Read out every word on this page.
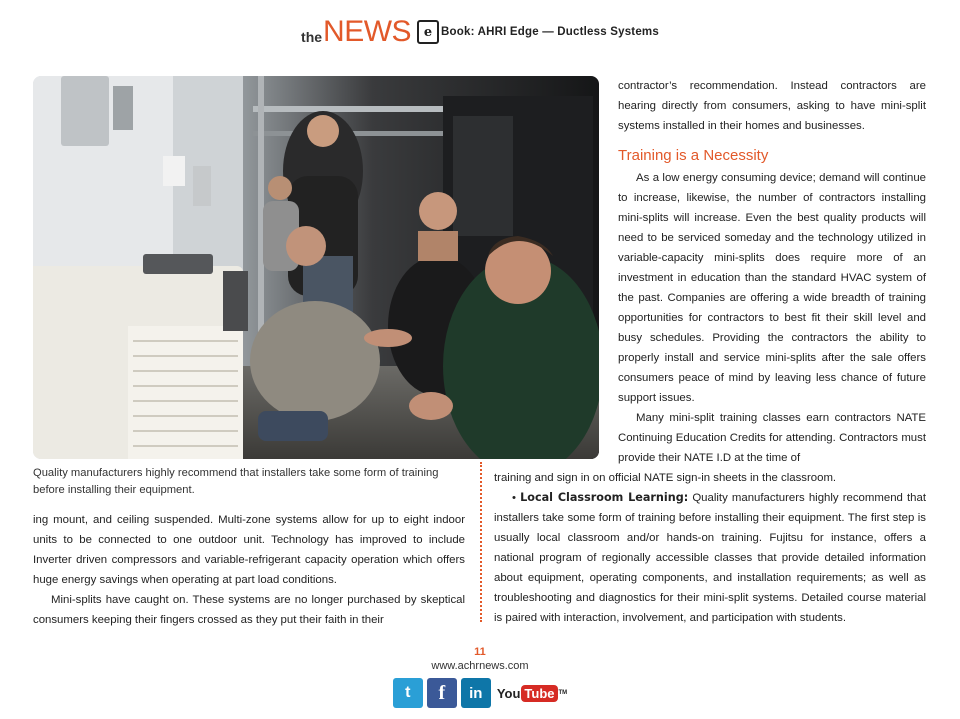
the NEWS e Book: AHRI Edge — Ductless Systems
Quality manufacturers highly recommend that installers take some form of training before installing their equipment.

ing mount, and ceiling suspended. Multi-zone systems allow for up to eight indoor units to be connected to one outdoor unit. Technology has improved to include Inverter driven compressors and variable-refrigerant capacity operation which offers huge energy savings when operating at part load conditions.

Mini-splits have caught on. These systems are no longer purchased by skeptical consumers keeping their fingers crossed as they put their faith in their

contractor’s recommendation. Instead contractors are hearing directly from consumers, asking to have mini-split systems installed in their homes and businesses.

Training is a Necessity

As a low energy consuming device; demand will continue to increase, likewise, the number of contractors installing mini-splits will increase. Even the best quality products will need to be serviced someday and the technology utilized in variable-capacity mini-splits does require more of an investment in education than the standard HVAC system of the past. Companies are offering a wide breadth of training opportunities for contractors to best fit their skill level and busy schedules. Providing the contractors the ability to properly install and service mini-splits after the sale offers consumers peace of mind by leaving less chance of future support issues.

Many mini-split training classes earn contractors NATE Continuing Education Credits for attending. Contractors must provide their NATE I.D at the time of

training and sign in on official NATE sign-in sheets in the classroom.

• Local Classroom Learning: Quality manufacturers highly recommend that installers take some form of training before installing their equipment. The first step is usually local classroom and/or hands-on training. Fujitsu for instance, offers a national program of regionally accessible classes that provide detailed information about equipment, operating components, and installation requirements; as well as troubleshooting and diagnostics for their mini-split systems. Detailed course material is paired with interaction, involvement, and participation with students.

11
www.achrnews.com
t f in You Tube TM
